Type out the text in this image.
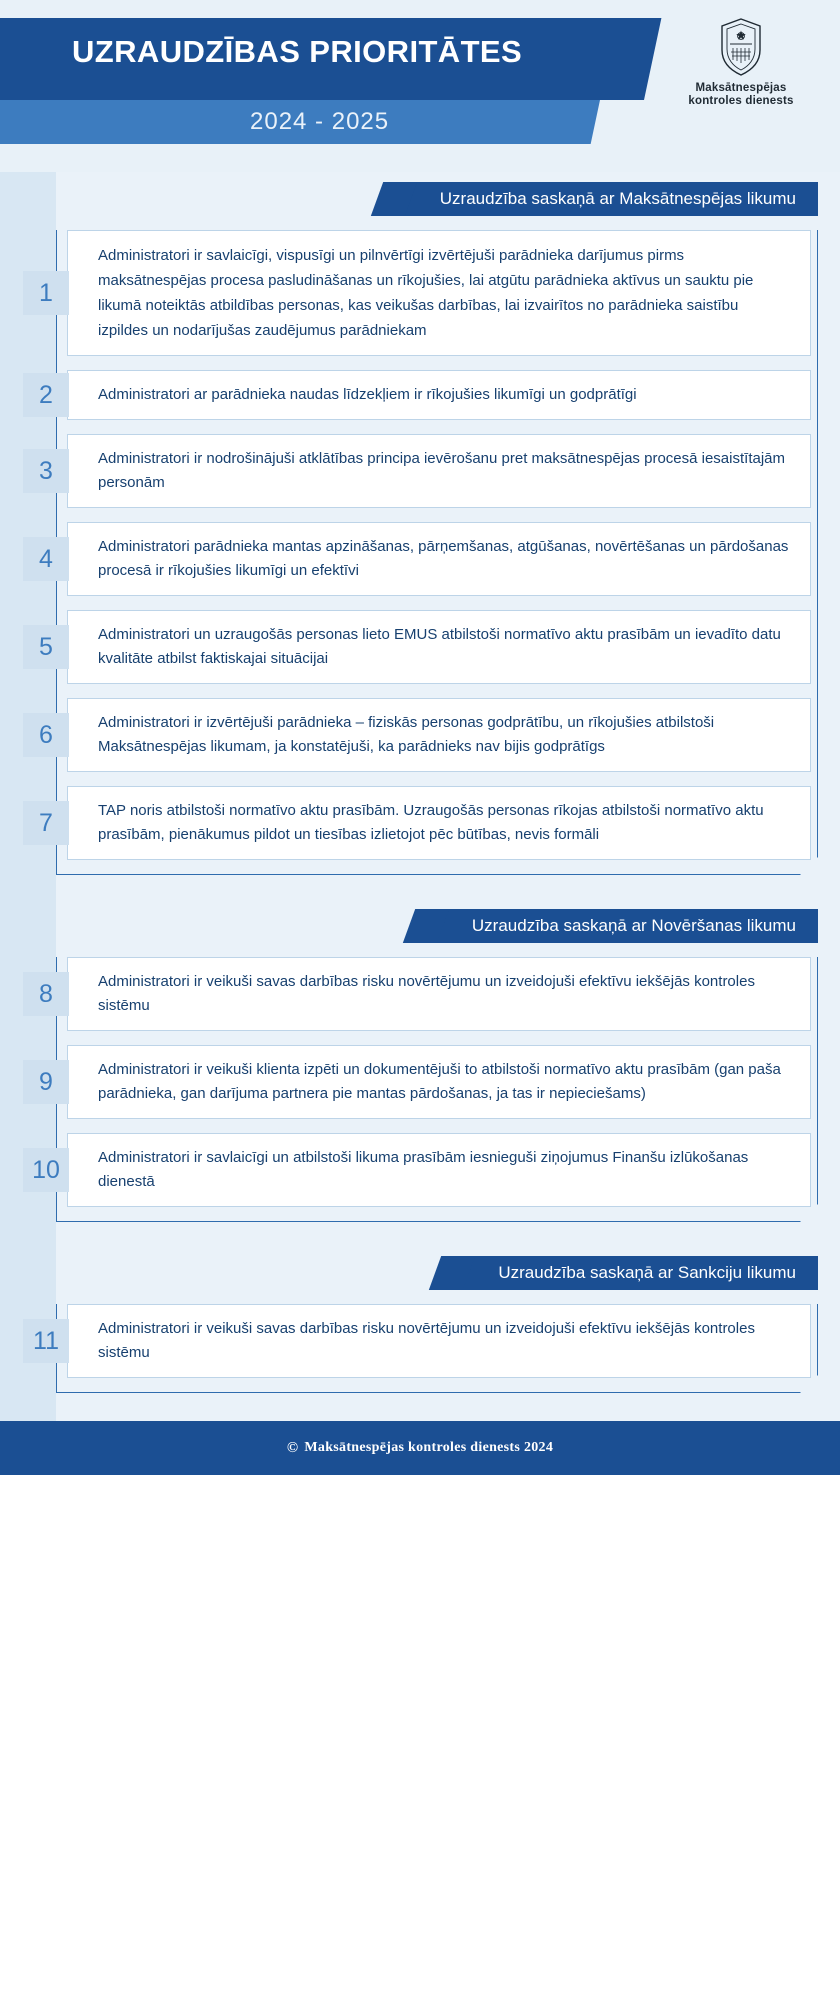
UZRAUDZĪBAS PRIORITĀTES
2024 - 2025
Maksātnespējas
kontroles dienests
Uzraudzība saskaņā ar Maksātnespējas likumu
1
Administratori ir savlaicīgi, vispusīgi un pilnvērtīgi izvērtējuši parādnieka darījumus pirms maksātnespējas procesa pasludināšanas un rīkojušies, lai atgūtu parādnieka aktīvus un sauktu pie likumā noteiktās atbildības personas, kas veikušas darbības, lai izvairītos no parādnieka saistību izpildes un nodarījušas zaudējumus parādniekam
2	Administratori ar parādnieka naudas līdzekļiem ir rīkojušies likumīgi un godprātīgi
3	Administratori ir nodrošinājuši atklātības principa ievērošanu pret maksātnespējas procesā iesaistītajām personām
4	Administratori parādnieka mantas apzināšanas, pārņemšanas, atgūšanas, novērtēšanas un pārdošanas procesā ir rīkojušies likumīgi un efektīvi
5	Administratori un uzraugošās personas lieto EMUS atbilstoši normatīvo aktu prasībām un ievadīto datu kvalitāte atbilst faktiskajai situācijai
6	Administratori ir izvērtējuši parādnieka – fiziskās personas godprātību, un rīkojušies atbilstoši Maksātnespējas likumam, ja konstatējuši, ka parādnieks nav bijis godprātīgs
7	TAP noris atbilstoši normatīvo aktu prasībām. Uzraugošās personas rīkojas atbilstoši normatīvo aktu prasībām, pienākumus pildot un tiesības izlietojot pēc būtības, nevis formāli
Uzraudzība saskaņā ar Novēršanas likumu
8	Administratori ir veikuši savas darbības risku novērtējumu un izveidojuši efektīvu iekšējās kontroles sistēmu
9	Administratori ir veikuši klienta izpēti un dokumentējuši to atbilstoši normatīvo aktu prasībām (gan paša parādnieka, gan darījuma partnera pie mantas pārdošanas, ja tas ir nepieciešams)
10	Administratori ir savlaicīgi un atbilstoši likuma prasībām iesnieguši ziņojumus Finanšu izlūkošanas dienestā
Uzraudzība saskaņā ar Sankciju likumu
11	Administratori ir veikuši savas darbības risku novērtējumu un izveidojuši efektīvu iekšējās kontroles sistēmu
© Maksātnespējas kontroles dienests 2024
